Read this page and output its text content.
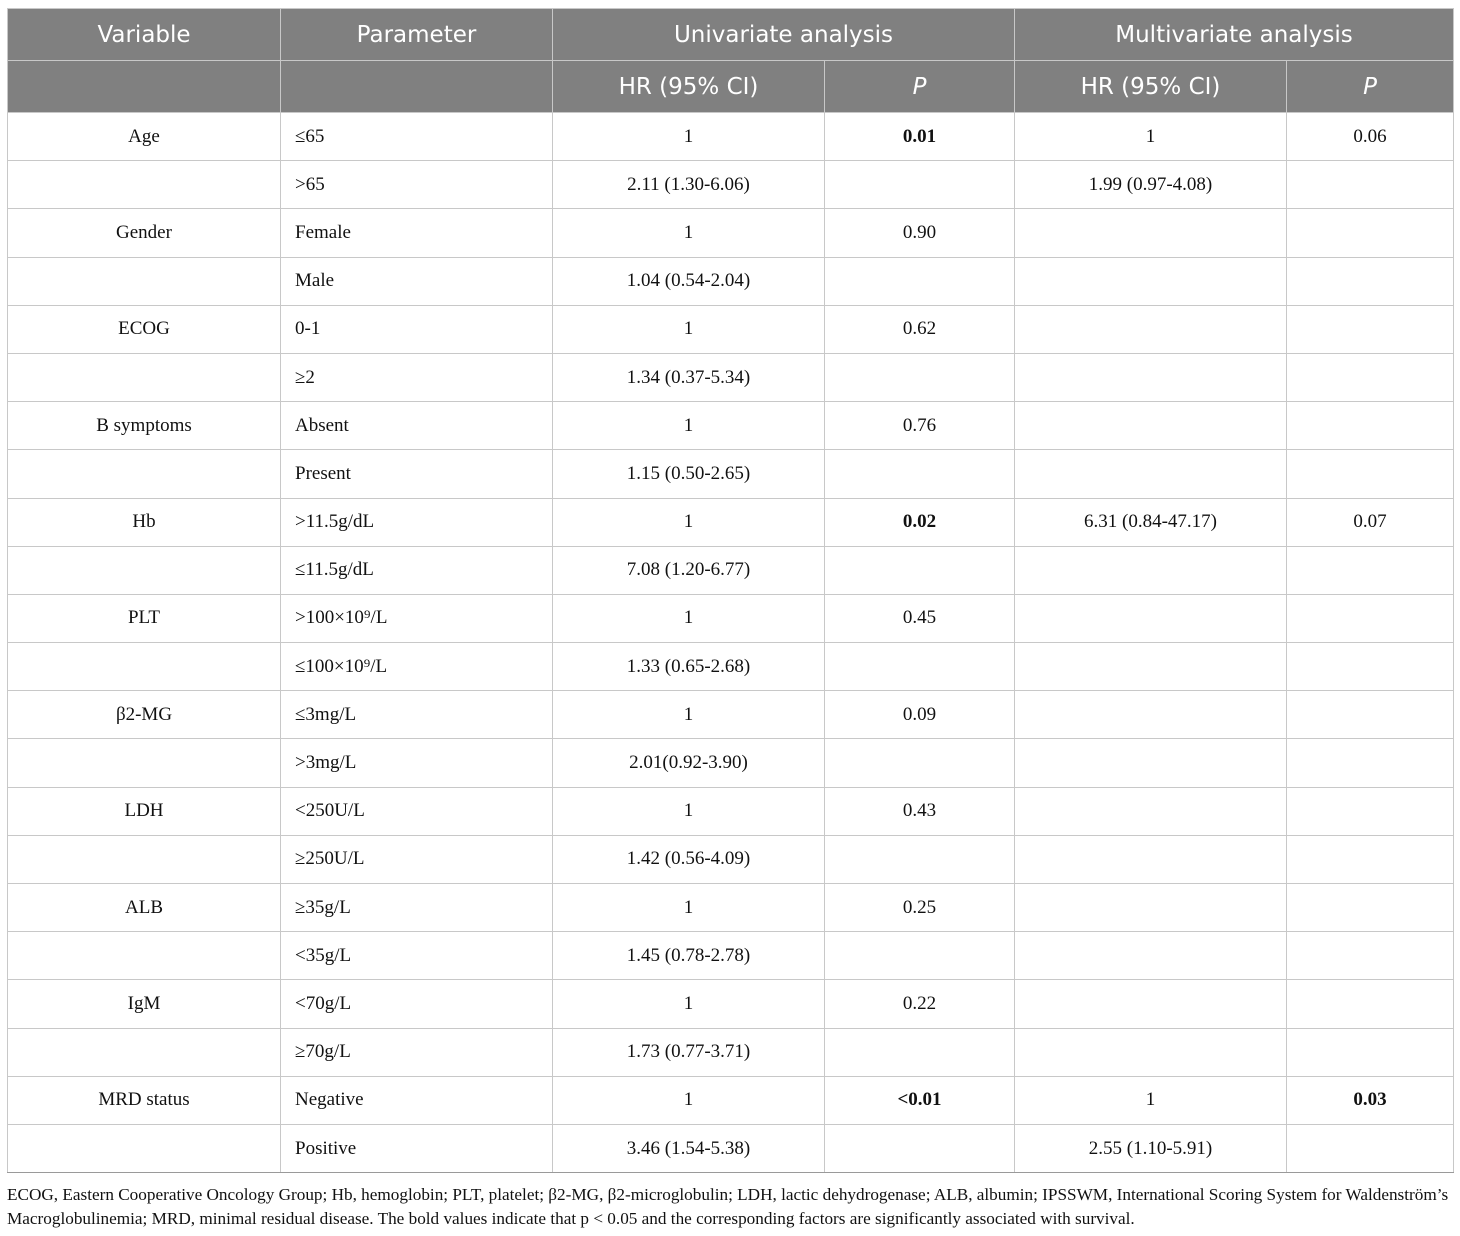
Variable	Parameter	Univariate analysis		Multivariate analysis	
		HR (95% CI)	P	HR (95% CI)	P
Age	≤65	1	0.01	1	0.06
	>65	2.11 (1.30-6.06)		1.99 (0.97-4.08)	
Gender	Female	1	0.90		
	Male	1.04 (0.54-2.04)			
ECOG	0-1	1	0.62		
	≥2	1.34 (0.37-5.34)			
B symptoms	Absent	1	0.76		
	Present	1.15 (0.50-2.65)			
Hb	>11.5g/dL	1	0.02	6.31 (0.84-47.17)	0.07
	≤11.5g/dL	7.08 (1.20-6.77)			
PLT	>100×10⁹/L	1	0.45		
	≤100×10⁹/L	1.33 (0.65-2.68)			
β2-MG	≤3mg/L	1	0.09		
	>3mg/L	2.01(0.92-3.90)			
LDH	<250U/L	1	0.43		
	≥250U/L	1.42 (0.56-4.09)			
ALB	≥35g/L	1	0.25		
	<35g/L	1.45 (0.78-2.78)			
IgM	<70g/L	1	0.22		
	≥70g/L	1.73 (0.77-3.71)			
MRD status	Negative	1	<0.01	1	0.03
	Positive	3.46 (1.54-5.38)		2.55 (1.10-5.91)	
ECOG, Eastern Cooperative Oncology Group; Hb, hemoglobin; PLT, platelet; β2-MG, β2-microglobulin; LDH, lactic dehydrogenase; ALB, albumin; IPSSWM, International Scoring System for Waldenström’s Macroglobulinemia; MRD, minimal residual disease. The bold values indicate that p < 0.05 and the corresponding factors are significantly associated with survival.
